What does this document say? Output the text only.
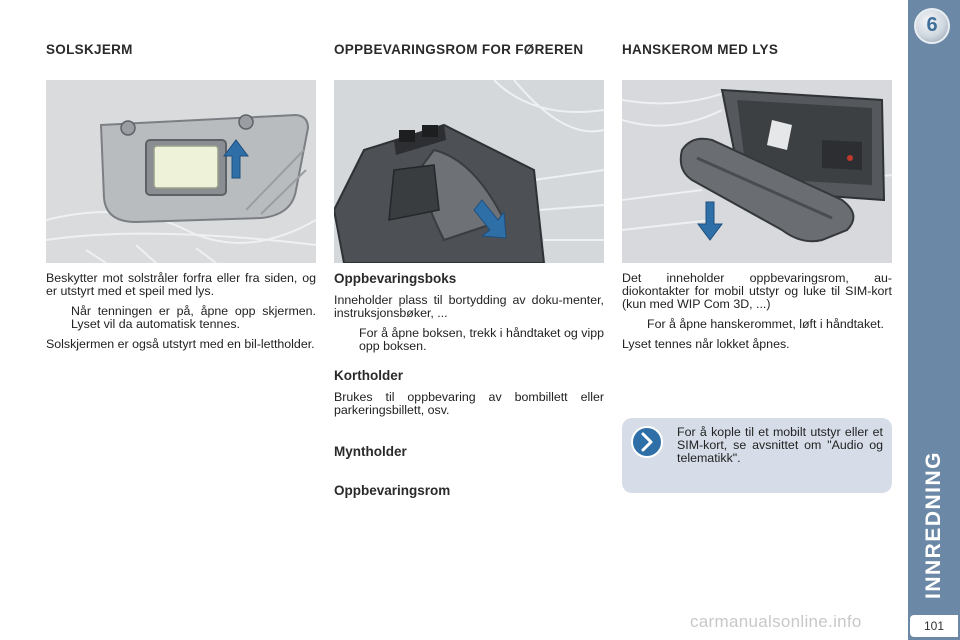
6
INNREDNING
101
SOLSKJERM

Beskytter mot solstråler forfra eller fra siden, og er utstyrt med et speil med lys.

Når tenningen er på, åpne opp skjermen. Lyset vil da automatisk tennes.

Solskjermen er også utstyrt med en bil-lettholder.

OPPBEVARINGSROM FOR FØREREN
Oppbevaringsboks

Inneholder plass til bortydding av doku-menter, instruksjonsbøker, ...

For å åpne boksen, trekk i håndtaket og vipp opp boksen.
Kortholder

Brukes til oppbevaring av bombillett eller parkeringsbillett, osv.

Myntholder
Oppbevaringsrom
HANSKEROM MED LYS

Det inneholder oppbevaringsrom, au-diokontakter for mobil utstyr og luke til SIM-kort (kun med WIP Com 3D, ...)

For å åpne hanskerommet, løft i håndtaket.

Lyset tennes når lokket åpnes.

For å kople til et mobilt utstyr eller et SIM-kort, se avsnittet om "Audio og telematikk".
carmanualsonline.info
